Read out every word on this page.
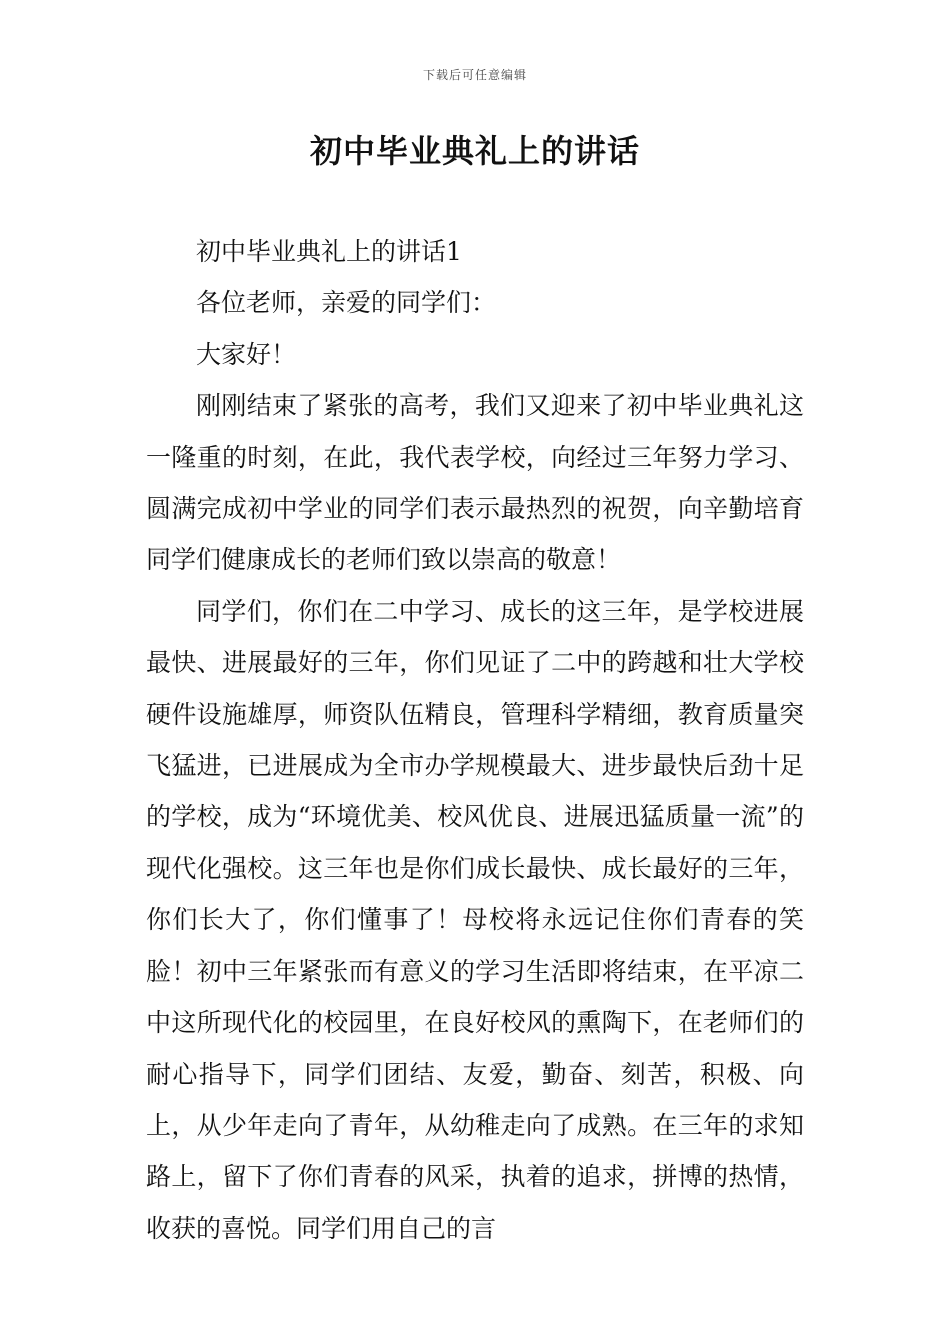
下载后可任意编辑
初中毕业典礼上的讲话

初中毕业典礼上的讲话1

各位老师，亲爱的同学们：

大家好！

刚刚结束了紧张的高考，我们又迎来了初中毕业典礼这一隆重的时刻，在此，我代表学校，向经过三年努力学习、圆满完成初中学业的同学们表示最热烈的祝贺，向辛勤培育同学们健康成长的老师们致以崇高的敬意！

同学们，你们在二中学习、成长的这三年，是学校进展最快、进展最好的三年，你们见证了二中的跨越和壮大学校硬件设施雄厚，师资队伍精良，管理科学精细，教育质量突飞猛进，已进展成为全市办学规模最大、进步最快后劲十足的学校，成为“环境优美、校风优良、进展迅猛质量一流”的现代化强校。这三年也是你们成长最快、成长最好的三年，你们长大了，你们懂事了！母校将永远记住你们青春的笑脸！初中三年紧张而有意义的学习生活即将结束，在平凉二中这所现代化的校园里，在良好校风的熏陶下，在老师们的耐心指导下，同学们团结、友爱，勤奋、刻苦，积极、向上，从少年走向了青年，从幼稚走向了成熟。在三年的求知路上，留下了你们青春的风采，执着的追求，拼博的热情，收获的喜悦。同学们用自己的言
